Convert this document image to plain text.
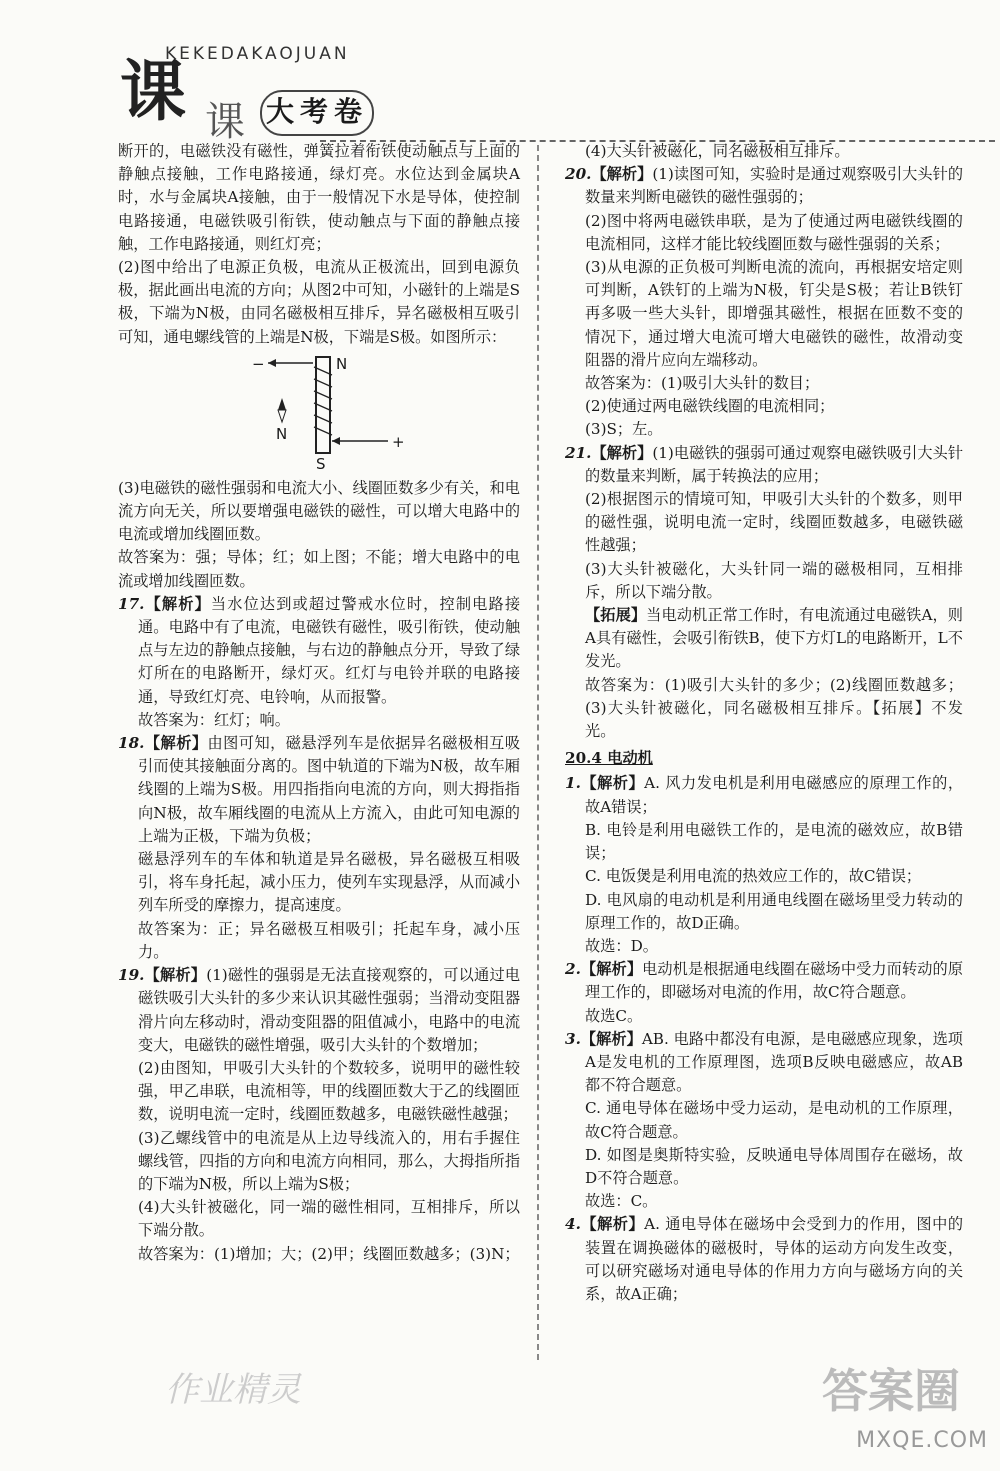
KEKEDAKAOJUAN
课 课 大考卷

断开的，电磁铁没有磁性，弹簧拉着衔铁使动触点与上面的静触点接触，工作电路接通，绿灯亮。水位达到金属块A时，水与金属块A接触，由于一般情况下水是导体，使控制电路接通，电磁铁吸引衔铁，使动触点与下面的静触点接触，工作电路接通，则红灯亮；

(2)图中给出了电源正负极，电流从正极流出，回到电源负极，据此画出电流的方向；从图2中可知，小磁针的上端是S极，下端为N极，由同名磁极相互排斥，异名磁极相互吸引可知，通电螺线管的上端是N极，下端是S极。如图所示：

−	N
N	+
S

(3)电磁铁的磁性强弱和电流大小、线圈匝数多少有关，和电流方向无关，所以要增强电磁铁的磁性，可以增大电路中的电流或增加线圈匝数。

故答案为：强；导体；红；如上图；不能；增大电路中的电流或增加线圈匝数。

17.【解析】当水位达到或超过警戒水位时，控制电路接通。电路中有了电流，电磁铁有磁性，吸引衔铁，使动触点与左边的静触点接触，与右边的静触点分开，导致了绿灯所在的电路断开，绿灯灭。红灯与电铃并联的电路接通，导致红灯亮、电铃响，从而报警。

故答案为：红灯；响。

18.【解析】由图可知，磁悬浮列车是依据异名磁极相互吸引而使其接触面分离的。图中轨道的下端为N极，故车厢线圈的上端为S极。用四指指向电流的方向，则大拇指指向N极，故车厢线圈的电流从上方流入，由此可知电源的上端为正极，下端为负极；

磁悬浮列车的车体和轨道是异名磁极，异名磁极互相吸引，将车身托起，减小压力，使列车实现悬浮，从而减小列车所受的摩擦力，提高速度。

故答案为：正；异名磁极互相吸引；托起车身，减小压力。

19.【解析】(1)磁性的强弱是无法直接观察的，可以通过电磁铁吸引大头针的多少来认识其磁性强弱；当滑动变阻器滑片向左移动时，滑动变阻器的阻值减小，电路中的电流变大，电磁铁的磁性增强，吸引大头针的个数增加；

(2)由图知，甲吸引大头针的个数较多，说明甲的磁性较强，甲乙串联，电流相等，甲的线圈匝数大于乙的线圈匝数，说明电流一定时，线圈匝数越多，电磁铁磁性越强；

(3)乙螺线管中的电流是从上边导线流入的，用右手握住螺线管，四指的方向和电流方向相同，那么，大拇指所指的下端为N极，所以上端为S极；

(4)大头针被磁化，同一端的磁性相同，互相排斥，所以下端分散。

故答案为：(1)增加；大；(2)甲；线圈匝数越多；(3)N；

(4)大头针被磁化，同名磁极相互排斥。

20.【解析】(1)读图可知，实验时是通过观察吸引大头针的数量来判断电磁铁的磁性强弱的；

(2)图中将两电磁铁串联，是为了使通过两电磁铁线圈的电流相同，这样才能比较线圈匝数与磁性强弱的关系；

(3)从电源的正负极可判断电流的流向，再根据安培定则可判断，A铁钉的上端为N极，钉尖是S极；若让B铁钉再多吸一些大头针，即增强其磁性，根据在匝数不变的情况下，通过增大电流可增大电磁铁的磁性，故滑动变阻器的滑片应向左端移动。

故答案为：(1)吸引大头针的数目；

(2)使通过两电磁铁线圈的电流相同；

(3)S；左。

21.【解析】(1)电磁铁的强弱可通过观察电磁铁吸引大头针的数量来判断，属于转换法的应用；

(2)根据图示的情境可知，甲吸引大头针的个数多，则甲的磁性强，说明电流一定时，线圈匝数越多，电磁铁磁性越强；

(3)大头针被磁化，大头针同一端的磁极相同，互相排斥，所以下端分散。

【拓展】当电动机正常工作时，有电流通过电磁铁A，则A具有磁性，会吸引衔铁B，使下方灯L的电路断开，L不发光。

故答案为：(1)吸引大头针的多少；(2)线圈匝数越多；(3)大头针被磁化，同名磁极相互排斥。【拓展】不发光。

20.4 电动机

1.【解析】A. 风力发电机是利用电磁感应的原理工作的，故A错误；

B. 电铃是利用电磁铁工作的，是电流的磁效应，故B错误；

C. 电饭煲是利用电流的热效应工作的，故C错误；

D. 电风扇的电动机是利用通电线圈在磁场里受力转动的原理工作的，故D正确。

故选：D。

2.【解析】电动机是根据通电线圈在磁场中受力而转动的原理工作的，即磁场对电流的作用，故C符合题意。

故选C。

3.【解析】AB. 电路中都没有电源，是电磁感应现象，选项A是发电机的工作原理图，选项B反映电磁感应，故AB都不符合题意。

C. 通电导体在磁场中受力运动，是电动机的工作原理，故C符合题意。

D. 如图是奥斯特实验，反映通电导体周围存在磁场，故D不符合题意。

故选：C。

4.【解析】A. 通电导体在磁场中会受到力的作用，图中的装置在调换磁体的磁极时，导体的运动方向发生改变，可以研究磁场对通电导体的作用力方向与磁场方向的关系，故A正确；

作业精灵	答案圈
MXQE.COM
